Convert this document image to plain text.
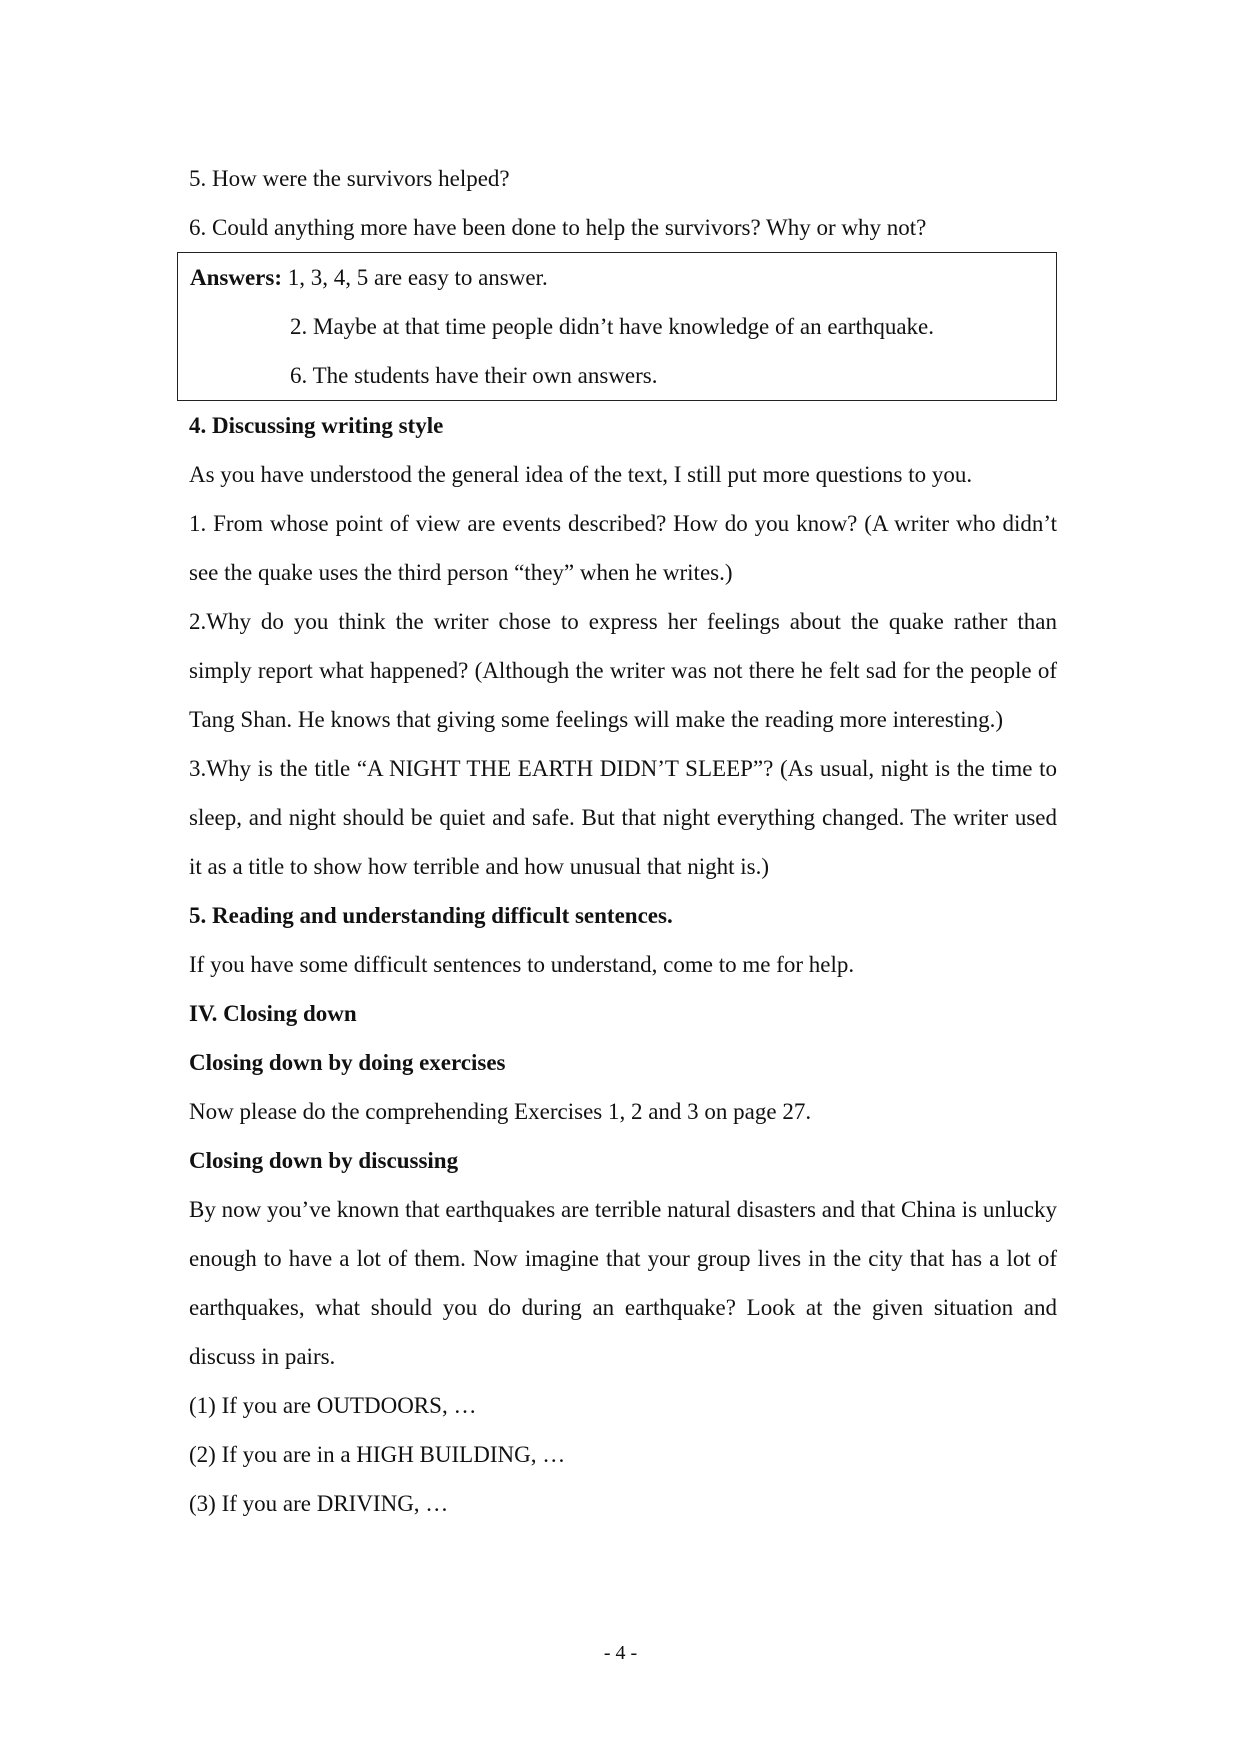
5. How were the survivors helped?
6. Could anything more have been done to help the survivors? Why or why not?
Answers: 1, 3, 4, 5 are easy to answer.
2. Maybe at that time people didn’t have knowledge of an earthquake.
6. The students have their own answers.
4. Discussing writing style
As you have understood the general idea of the text, I still put more questions to you.
1. From whose point of view are events described? How do you know? (A writer who didn’t see the quake uses the third person “they” when he writes.)
2.Why do you think the writer chose to express her feelings about the quake rather than simply report what happened? (Although the writer was not there he felt sad for the people of Tang Shan. He knows that giving some feelings will make the reading more interesting.)
3.Why is the title “A NIGHT THE EARTH DIDN’T SLEEP”? (As usual, night is the time to sleep, and night should be quiet and safe. But that night everything changed. The writer used it as a title to show how terrible and how unusual that night is.)
5. Reading and understanding difficult sentences.
If you have some difficult sentences to understand, come to me for help.
IV. Closing down
Closing down by doing exercises
Now please do the comprehending Exercises 1, 2 and 3 on page 27.
Closing down by discussing
By now you’ve known that earthquakes are terrible natural disasters and that China is unlucky enough to have a lot of them. Now imagine that your group lives in the city that has a lot of earthquakes, what should you do during an earthquake? Look at the given situation and discuss in pairs.
(1) If you are OUTDOORS, …
(2) If you are in a HIGH BUILDING, …
(3) If you are DRIVING, …
- 4 -
